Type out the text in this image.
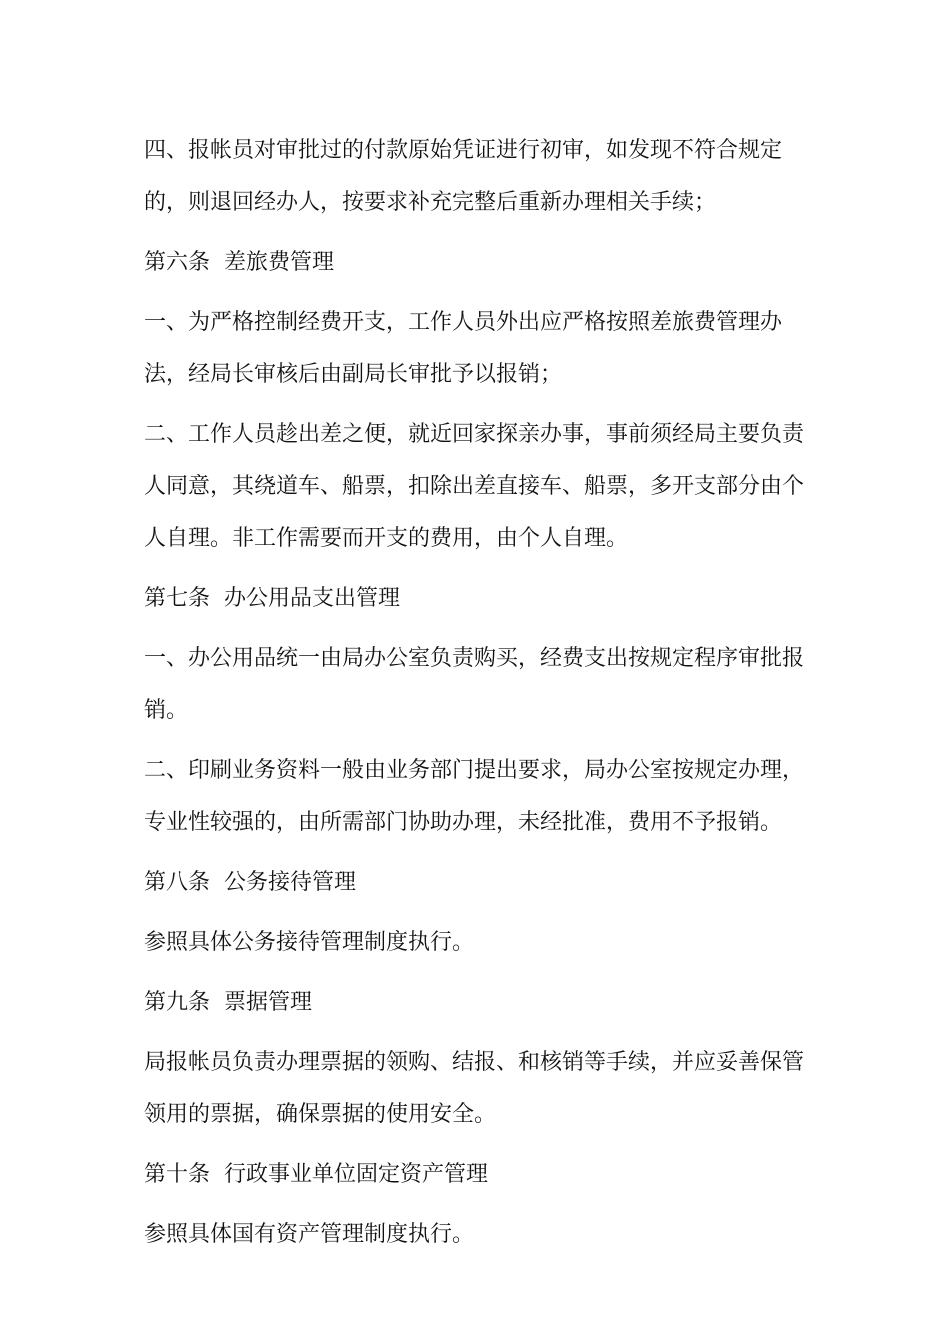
四、报帐员对审批过的付款原始凭证进行初审，如发现不符合规定的，则退回经办人，按要求补充完整后重新办理相关手续；

第六条  差旅费管理

一、为严格控制经费开支，工作人员外出应严格按照差旅费管理办法，经局长审核后由副局长审批予以报销；

二、工作人员趁出差之便，就近回家探亲办事，事前须经局主要负责人同意，其绕道车、船票，扣除出差直接车、船票，多开支部分由个人自理。非工作需要而开支的费用，由个人自理。

第七条  办公用品支出管理

一、办公用品统一由局办公室负责购买，经费支出按规定程序审批报销。

二、印刷业务资料一般由业务部门提出要求，局办公室按规定办理，专业性较强的，由所需部门协助办理，未经批准，费用不予报销。

第八条  公务接待管理

参照具体公务接待管理制度执行。

第九条  票据管理

局报帐员负责办理票据的领购、结报、和核销等手续，并应妥善保管领用的票据，确保票据的使用安全。

第十条  行政事业单位固定资产管理

参照具体国有资产管理制度执行。
